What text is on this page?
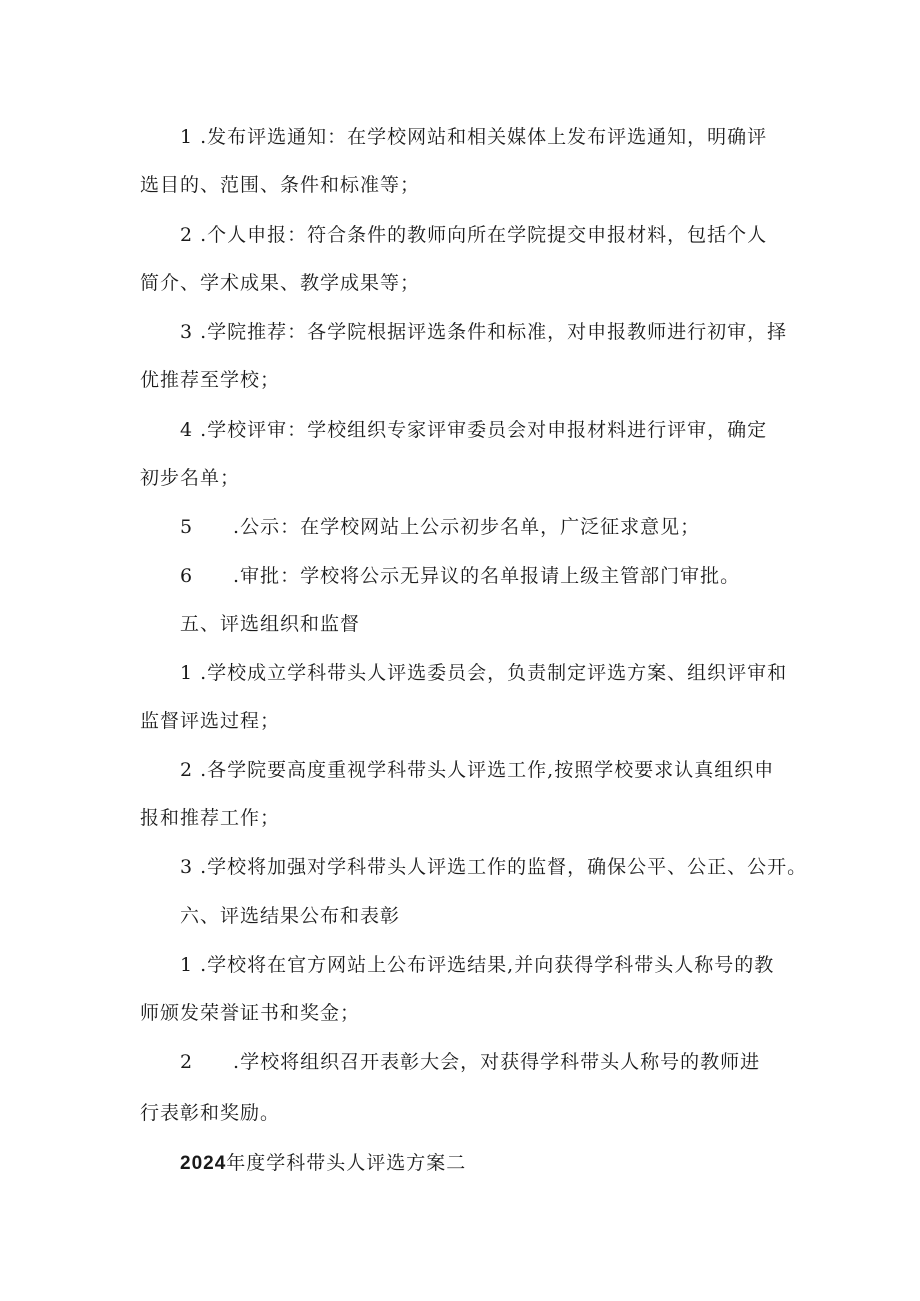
1 .发布评选通知：在学校网站和相关媒体上发布评选通知，明确评
选目的、范围、条件和标准等；
2 .个人申报：符合条件的教师向所在学院提交申报材料，包括个人
简介、学术成果、教学成果等；
3 .学院推荐：各学院根据评选条件和标准，对申报教师进行初审，择
优推荐至学校；
4 .学校评审：学校组织专家评审委员会对申报材料进行评审，确定
初步名单；
5 .公示：在学校网站上公示初步名单，广泛征求意见；
6 .审批：学校将公示无异议的名单报请上级主管部门审批。
五、评选组织和监督
1 .学校成立学科带头人评选委员会，负责制定评选方案、组织评审和
监督评选过程；
2 .各学院要高度重视学科带头人评选工作,按照学校要求认真组织申
报和推荐工作；
3 .学校将加强对学科带头人评选工作的监督，确保公平、公正、公开。
六、评选结果公布和表彰
1 .学校将在官方网站上公布评选结果,并向获得学科带头人称号的教
师颁发荣誉证书和奖金；
2 .学校将组织召开表彰大会，对获得学科带头人称号的教师进
行表彰和奖励。
2024年度学科带头人评选方案二
